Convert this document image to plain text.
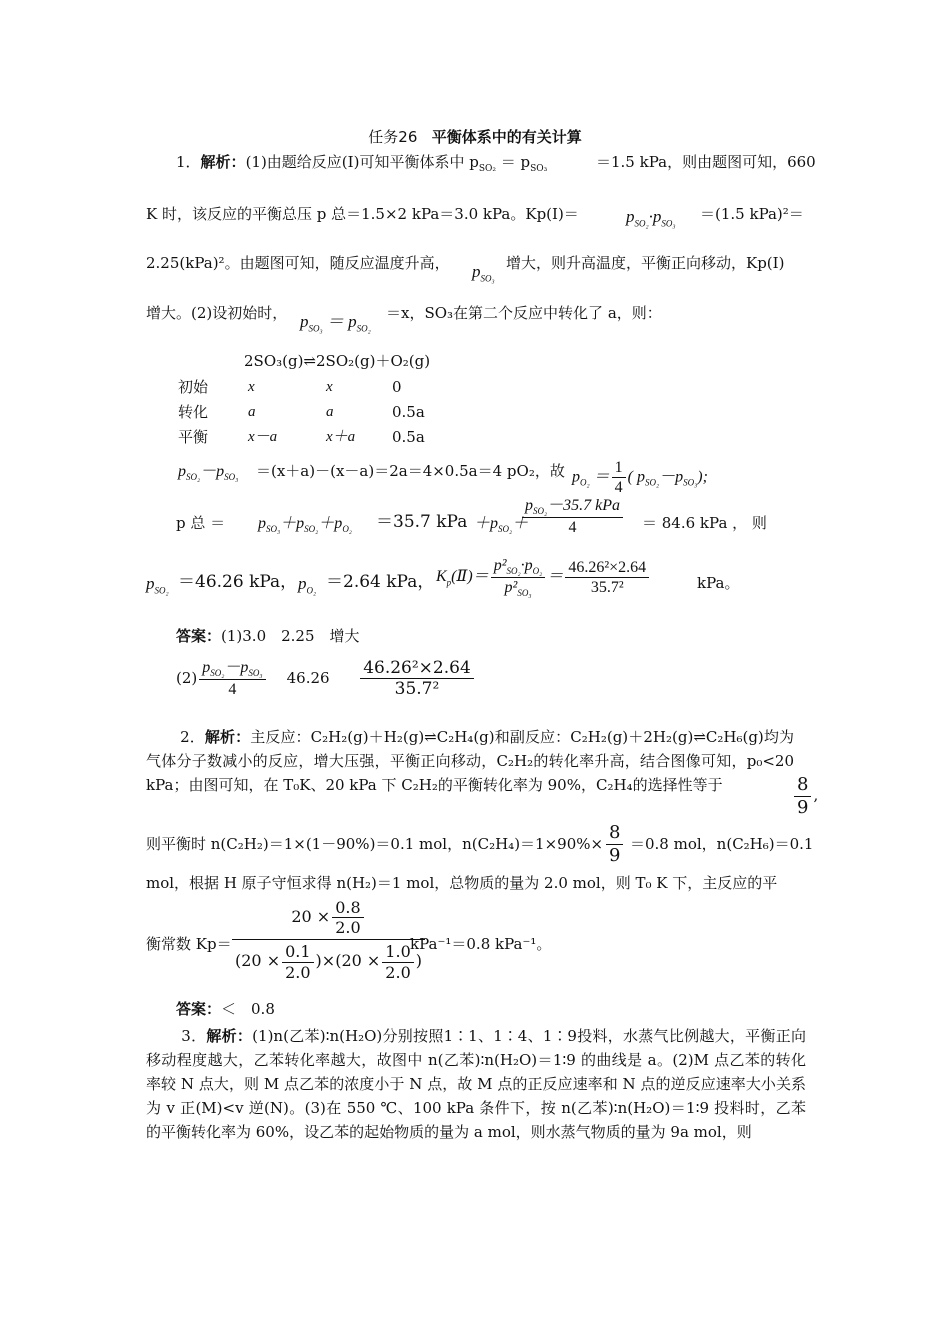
任务26 平衡体系中的有关计算
1．解析：(1)由题给反应(Ⅰ)可知平衡体系中 $p_{SO_2} = p_{SO_3}$	＝1.5 kPa，则由题图可知，660
K 时，该反应的平衡总压 p 总＝1.5×2 kPa＝3.0 kPa。Kp(Ⅰ)＝	$p_{SO_2}\cdot p_{SO_3}$
＝(1.5 kPa)²＝
2.25(kPa)²。由题图可知，随反应温度升高， $p_{SO_3}$
增大，则升高温度，平衡正向移动，Kp(Ⅰ)
增大。(2)设初始时， $p_{SO_3} = p_{SO_2}$
＝x，SO₃在第二个反应中转化了 a，则：
2SO₃(g)⇌2SO₂(g)＋O₂(g)
初始	x	x	0
转化	a	a	0.5a
平衡	x－a	x＋a	0.5a
$p_{SO_2}-p_{SO_3} =(x+a)-(x-a)=2a=4\times 0.5a=4$ pO₂，故 $p_{O_2} = \frac{1}{4}$ ( $p_{SO_2}-p_{SO_3}$);
p 总 ＝ $p_{SO_3}+p_{SO_2}+p_{O_2} =35.7$ kPa $+p_{SO_2}+$
$\frac{p_{SO_2}-35.7 kPa}{4} = 84.6$ kPa ， 则
$p_{SO_2} =46.26$ kPa， $p_{O_2} =2.64$ kPa， $K_p(Ⅱ)= \frac{p^2_{SO_2}\cdot p_{O_2}}{p^2_{SO_3}} = \frac{\text{46.26²×2.64}}{\text{35.7²}}$	kPa。
答案：(1)3.0　2.25　增大
$(2) \frac{p_{SO_2}-p_{SO_3}}{4} 46.26 \frac{\text{46.26²×2.64}}{\text{35.7²}}$
2．解析：主反应：C₂H₂(g)＋H₂(g)⇌C₂H₄(g)和副反应：C₂H₂(g)＋2H₂(g)⇌C₂H₆(g)均为气体分子数减小的反应，增大压强，平衡正向移动，C₂H₂的转化率升高，结合图像可知，p₀<20 kPa；由图可知，在 T₀K、20 kPa 下 C₂H₂的平衡转化率为 90%，C₂H₄的选择性等于	$\frac{8}{9}$ ,
则平衡时 n(C₂H₂)＝1×(1－90%)＝0.1 mol，$n(C_2H_4)=1\times 90\%\times \frac{8}{9} =0.8$ mol，n(C₂H₆)＝0.1
mol，根据 H 原子守恒求得 n(H₂)＝1 mol，总物质的量为 2.0 mol，则 T₀ K 下，主反应的平
衡常数 $Kp= \frac{20 \times \frac{0.8}{2.0}}{(20 \times \frac{0.1}{2.0} )\times(20 \times \frac{1.0}{2.0} )}$
kPa⁻¹＝0.8 kPa⁻¹。
答案：＜　0.8
3．解析：(1)n(乙苯)∶n(H₂O)分别按照1∶1、1∶4、1∶9投料，水蒸气比例越大，平衡正向移动程度越大，乙苯转化率越大，故图中 n(乙苯)∶n(H₂O)＝1∶9 的曲线是 a。(2)M 点乙苯的转化率较 N 点大，则 M 点乙苯的浓度小于 N 点，故 M 点的正反应速率和 N 点的逆反应速率大小关系为 v 正(M)<v 逆(N)。(3)在 550 ℃、100 kPa 条件下，按 n(乙苯)∶n(H₂O)＝1∶9 投料时，乙苯的平衡转化率为 60%，设乙苯的起始物质的量为 a mol，则水蒸气物质的量为 9a mol，则
